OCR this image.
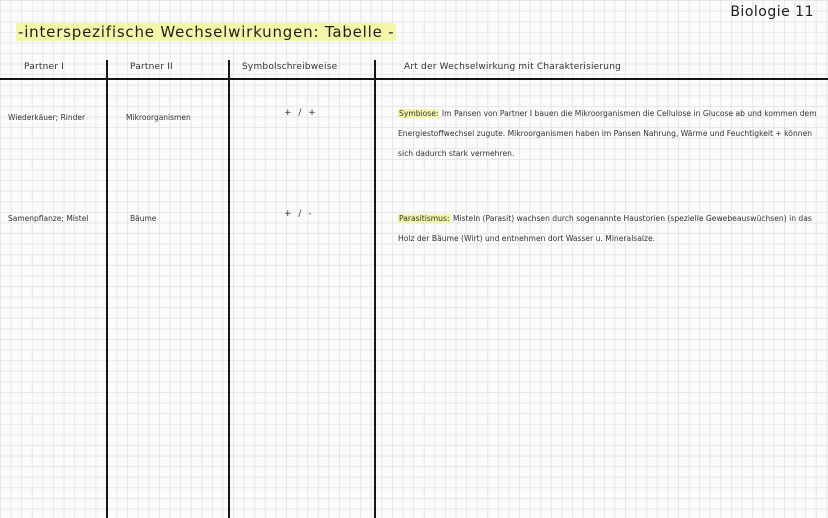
Biologie 11
-interspezifische Wechselwirkungen: Tabelle -
Partner I	Partner II	Symbolschreibweise	Art der Wechselwirkung mit Charakterisierung
Wiederkäuer; Rinder	Mikroorganismen	+ / +	Symbiose: Im Pansen von Partner I bauen die Mikroorganismen die Cellulose in Glucose ab und kommen dem Energiestoffwechsel zugute. Mikroorganismen haben im Pansen Nahrung, Wärme und Feuchtigkeit + können sich dadurch stark vermehren.
Samenpflanze; Mistel	Bäume	+ / -	Parasitismus: Misteln (Parasit) wachsen durch sogenannte Haustorien (spezielle Gewebeauswüchsen) in das Holz der Bäume (Wirt) und entnehmen dort Wasser u. Mineralsalze.
